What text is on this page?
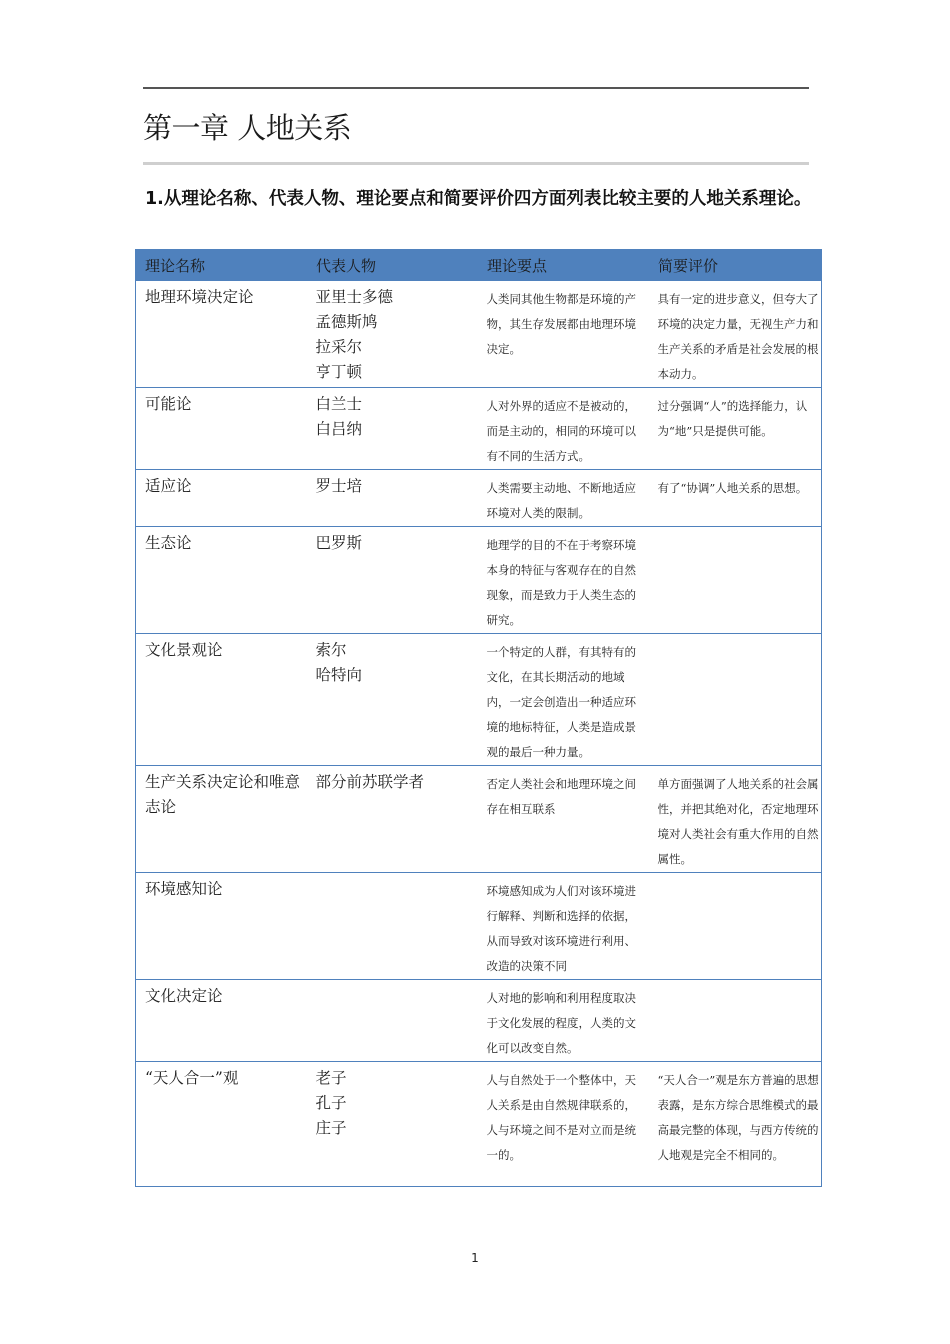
第一章 人地关系
1.从理论名称、代表人物、理论要点和简要评价四方面列表比较主要的人地关系理论。
理论名称	代表人物	理论要点	简要评价
地理环境决定论	亚里士多德
孟德斯鸠
拉采尔
亨丁顿	人类同其他生物都是环境的产物，其生存发展都由地理环境决定。	具有一定的进步意义，但夸大了环境的决定力量，无视生产力和生产关系的矛盾是社会发展的根本动力。
可能论	白兰士
白吕纳	人对外界的适应不是被动的，而是主动的，相同的环境可以有不同的生活方式。	过分强调“人”的选择能力，认为“地”只是提供可能。
适应论	罗士培	人类需要主动地、不断地适应环境对人类的限制。	有了“协调”人地关系的思想。
生态论	巴罗斯	地理学的目的不在于考察环境本身的特征与客观存在的自然现象，而是致力于人类生态的研究。	
文化景观论	索尔
哈特向	一个特定的人群，有其特有的文化，在其长期活动的地域内，一定会创造出一种适应环境的地标特征，人类是造成景观的最后一种力量。	
生产关系决定论和唯意志论	部分前苏联学者	否定人类社会和地理环境之间存在相互联系	单方面强调了人地关系的社会属性，并把其绝对化，否定地理环境对人类社会有重大作用的自然属性。
环境感知论		环境感知成为人们对该环境进行解释、判断和选择的依据，从而导致对该环境进行利用、改造的决策不同	
文化决定论		人对地的影响和利用程度取决于文化发展的程度，人类的文化可以改变自然。	
“天人合一”观	老子
孔子
庄子	人与自然处于一个整体中，天人关系是由自然规律联系的，人与环境之间不是对立而是统一的。	“天人合一”观是东方普遍的思想表露，是东方综合思维模式的最高最完整的体现，与西方传统的人地观是完全不相同的。
1
